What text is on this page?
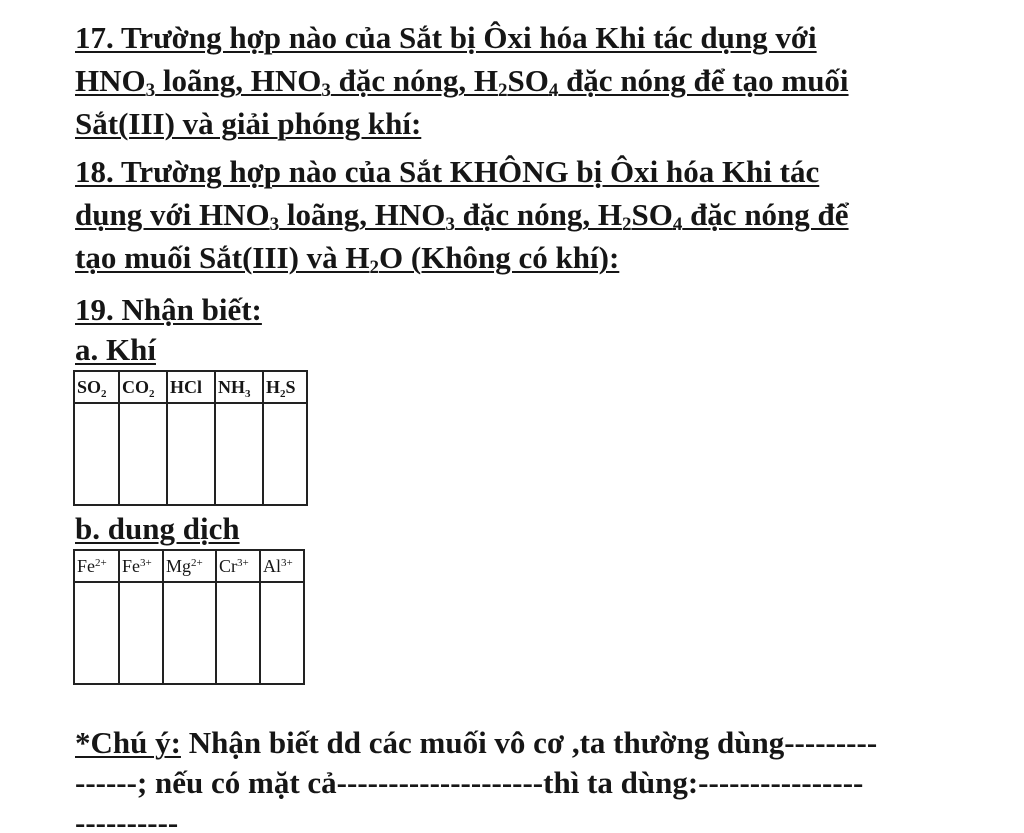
17. Trường hợp nào của Sắt bị Ôxi hóa Khi tác dụng với
$HNO_3$ loãng, $HNO_3$ đặc nóng, $H_2SO_4$ đặc nóng để tạo muối
Sắt(III) và giải phóng khí:

18. Trường hợp nào của Sắt KHÔNG bị Ôxi hóa Khi tác
dụng với $HNO_3$ loãng, $HNO_3$ đặc nóng, $H_2SO_4$ đặc nóng để
tạo muối Sắt(III) và $H_2O$ (Không có khí):

19. Nhận biết:

a. Khí

$SO_2$	$CO_2$	HCl	$NH_3$	$H_2S$

b. dung dịch

$Fe^{2+}$	$Fe^{3+}$	$Mg^{2+}$	$Cr^{3+}$	$Al^{3+}$

*Chú ý: Nhận biết dd các muối vô cơ ,ta thường dùng---------
------; nếu có mặt cả--------------------thì ta dùng:----------------
----------
